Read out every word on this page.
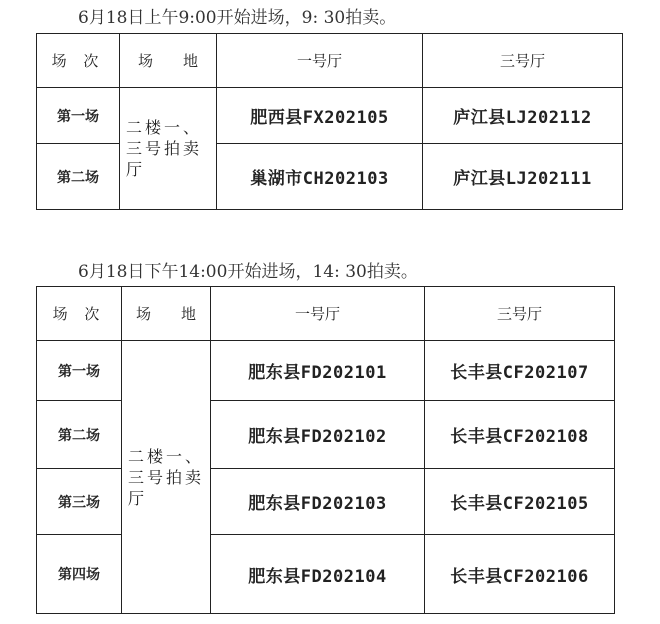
6月18日上午9:00开始进场，9: 30拍卖。
场 次	场　　地	一号厅	三号厅
第一场	二楼一、三号拍卖厅	肥西县FX202105	庐江县LJ202112
第二场		巢湖市CH202103	庐江县LJ202111
6月18日下午14:00开始进场，14: 30拍卖。
场 次	场　　地	一号厅	三号厅
第一场	二楼一、三号拍卖厅	肥东县FD202101	长丰县CF202107
第二场		肥东县FD202102	长丰县CF202108
第三场		肥东县FD202103	长丰县CF202105
第四场		肥东县FD202104	长丰县CF202106
